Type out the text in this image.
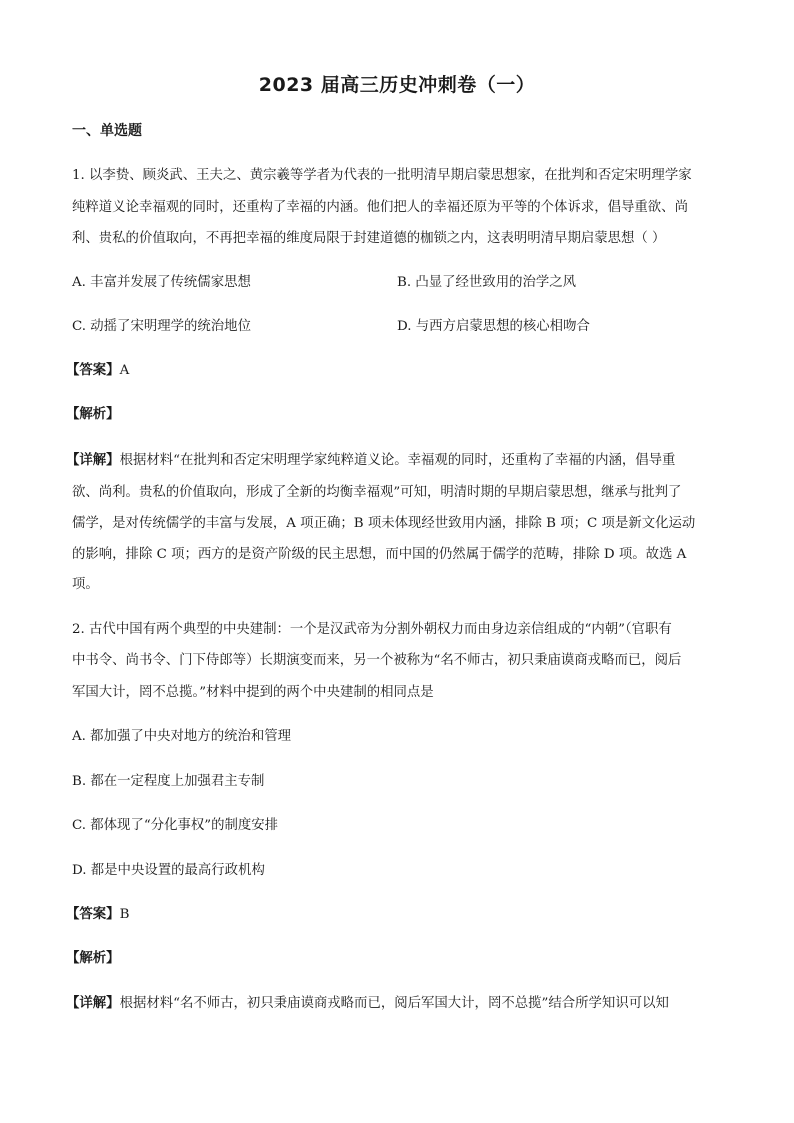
2023 届高三历史冲刺卷（一）
一、单选题
1. 以李贽、顾炎武、王夫之、黄宗羲等学者为代表的一批明清早期启蒙思想家，在批判和否定宋明理学家
纯粹道义论幸福观的同时，还重构了幸福的内涵。他们把人的幸福还原为平等的个体诉求，倡导重欲、尚
利、贵私的价值取向，不再把幸福的维度局限于封建道德的枷锁之内，这表明明清早期启蒙思想（ ）
A. 丰富并发展了传统儒家思想	B. 凸显了经世致用的治学之风
C. 动摇了宋明理学的统治地位	D. 与西方启蒙思想的核心相吻合
【答案】A
【解析】
【详解】根据材料“在批判和否定宋明理学家纯粹道义论。幸福观的同时，还重构了幸福的内涵，倡导重
欲、尚利。贵私的价值取向，形成了全新的均衡幸福观”可知，明清时期的早期启蒙思想，继承与批判了
儒学，是对传统儒学的丰富与发展，A 项正确；B 项未体现经世致用内涵，排除 B 项；C 项是新文化运动
的影响，排除 C 项；西方的是资产阶级的民主思想，而中国的仍然属于儒学的范畴，排除 D 项。故选 A
项。
2. 古代中国有两个典型的中央建制：一个是汉武帝为分割外朝权力而由身边亲信组成的“内朝”（官职有
中书令、尚书令、门下侍郎等）长期演变而来，另一个被称为“名不师古，初只秉庙谟商戎略而已，阅后
军国大计，罔不总揽。”材料中提到的两个中央建制的相同点是
A. 都加强了中央对地方的统治和管理
B. 都在一定程度上加强君主专制
C. 都体现了“分化事权”的制度安排
D. 都是中央设置的最高行政机构
【答案】B
【解析】
【详解】根据材料“名不师古，初只秉庙谟商戎略而已，阅后军国大计，罔不总揽”结合所学知识可以知
